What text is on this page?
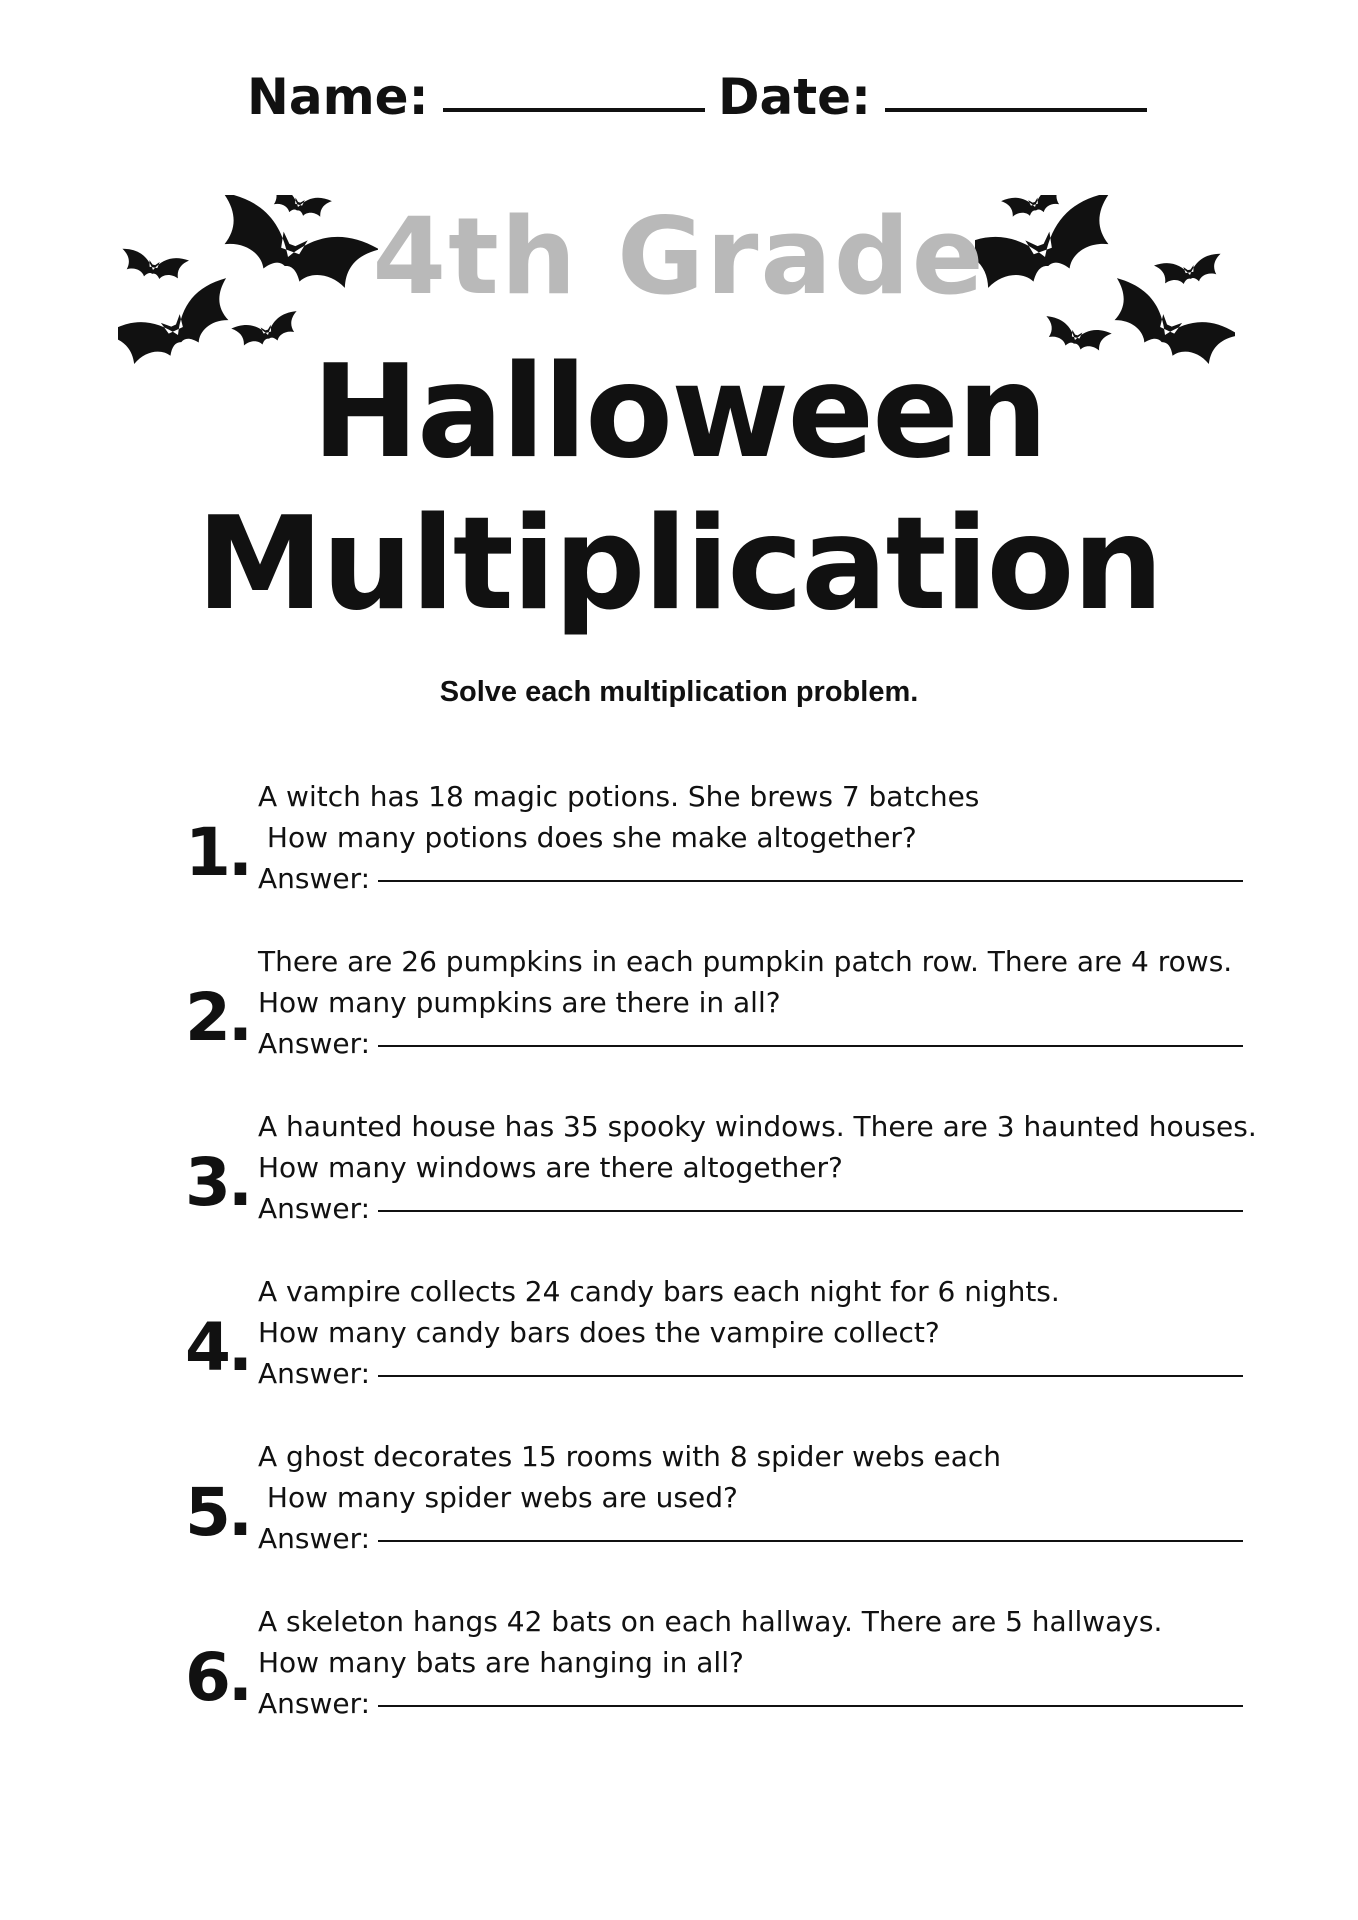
Name:	Date:
4th Grade
Halloween
Multiplication
Solve each multiplication problem.
1.
A witch has 18 magic potions. She brews 7 batches
How many potions does she make altogether?
Answer:
2.
There are 26 pumpkins in each pumpkin patch row. There are 4 rows.
How many pumpkins are there in all?
Answer:
3.
A haunted house has 35 spooky windows. There are 3 haunted houses.
How many windows are there altogether?
Answer:
4.
A vampire collects 24 candy bars each night for 6 nights.
How many candy bars does the vampire collect?
Answer:
5.
A ghost decorates 15 rooms with 8 spider webs each
How many spider webs are used?
Answer:
6.
A skeleton hangs 42 bats on each hallway. There are 5 hallways.
How many bats are hanging in all?
Answer:
